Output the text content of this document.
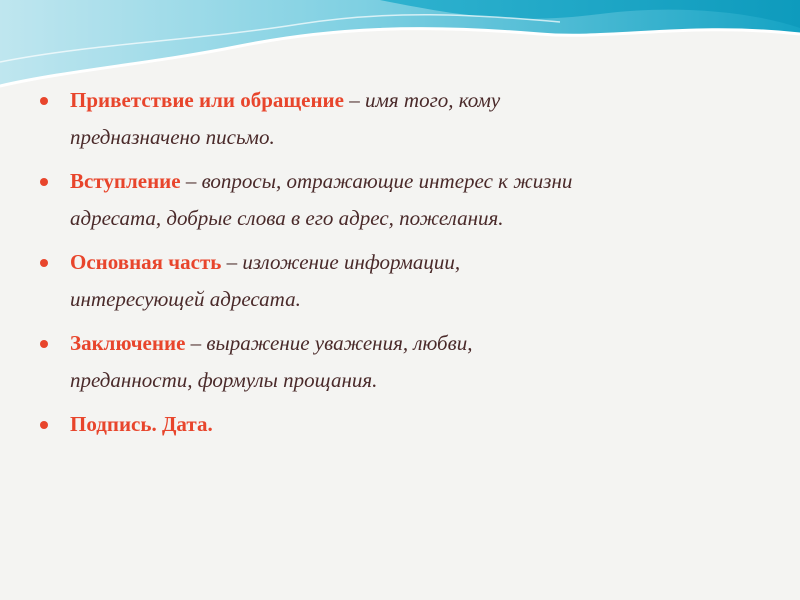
Приветствие или обращение – имя того, кому
предназначено письмо.
Вступление – вопросы, отражающие интерес к жизни
адресата, добрые слова в его адрес, пожелания.
Основная часть – изложение информации,
интересующей адресата.
Заключение – выражение уважения, любви,
преданности, формулы прощания.
Подпись. Дата.
